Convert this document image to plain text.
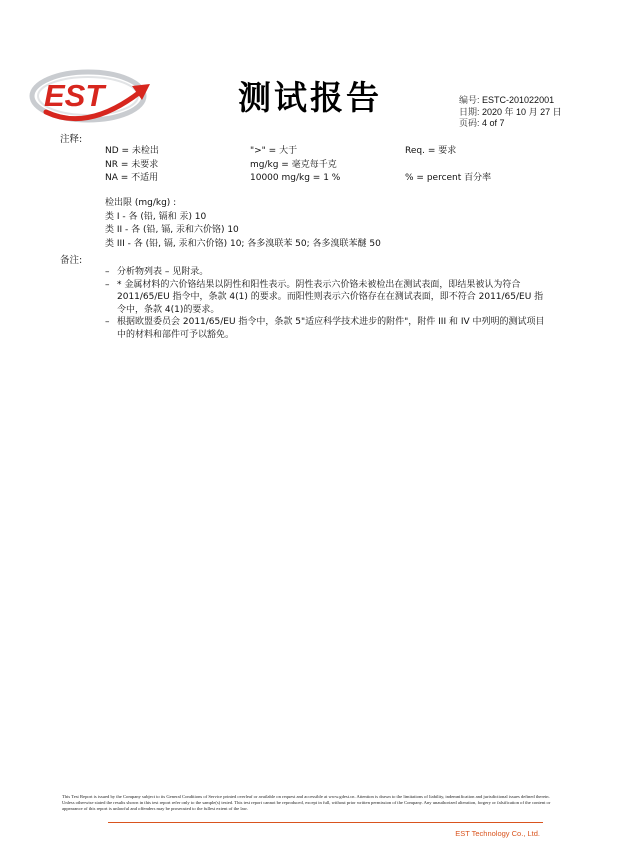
EST	测试报告	编号: ESTC-201022001
日期: 2020 年 10 月 27 日
页码: 4 of 7
注释:
ND = 未检出	">" = 大于	Req. = 要求
NR = 未要求	mg/kg = 毫克每千克
NA = 不适用	10000 mg/kg = 1 %	% = percent 百分率
检出限 (mg/kg) :
类 I - 各 (铅, 镉和 汞) 10
类 II - 各 (铅, 镉, 汞和六价铬) 10
类 III - 各 (铅, 镉, 汞和六价铬) 10; 各多溴联苯 50; 各多溴联苯醚 50
备注:
– 分析物列表 – 见附录。
– * 金属材料的六价铬结果以阴性和阳性表示。阴性表示六价铬未被检出在测试表面，即结果被认为符合 2011/65/EU 指令中，条款 4(1) 的要求。而阳性则表示六价铬存在在测试表面，即不符合 2011/65/EU 指令中，条款 4(1)的要求。
– 根据欧盟委员会 2011/65/EU 指令中，条款 5"适应科学技术进步的附件"，附件 III 和 IV 中列明的测试项目中的材料和部件可予以豁免。
This Test Report is issued by the Company subject to its General Conditions of Service printed overleaf or available on request and accessible at www.gdest.cn. Attention is drawn to the limitations of liability, indemnification and jurisdictional issues defined therein. Unless otherwise stated the results shown in this test report refer only to the sample(s) tested. This test report cannot be reproduced, except in full, without prior written permission of the Company. Any unauthorized alteration, forgery or falsification of the content or appearance of this report is unlawful and offenders may be prosecuted to the fullest extent of the law.
EST Technology Co., Ltd.
